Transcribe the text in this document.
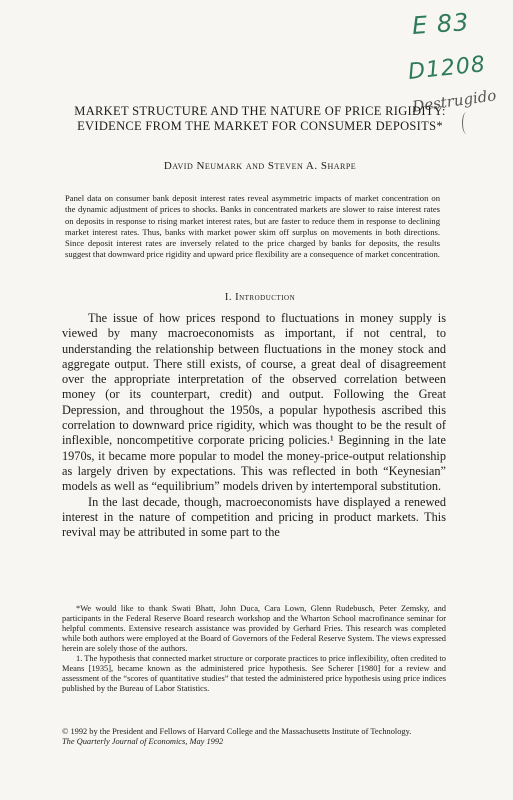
E 83
D1208
Destrugido
MARKET STRUCTURE AND THE NATURE OF PRICE RIGIDITY: EVIDENCE FROM THE MARKET FOR CONSUMER DEPOSITS*
David Neumark and Steven A. Sharpe
Panel data on consumer bank deposit interest rates reveal asymmetric impacts of market concentration on the dynamic adjustment of prices to shocks. Banks in concentrated markets are slower to raise interest rates on deposits in response to rising market interest rates, but are faster to reduce them in response to declining market interest rates. Thus, banks with market power skim off surplus on movements in both directions. Since deposit interest rates are inversely related to the price charged by banks for deposits, the results suggest that downward price rigidity and upward price flexibility are a consequence of market concentration.
I. Introduction

The issue of how prices respond to fluctuations in money supply is viewed by many macroeconomists as important, if not central, to understanding the relationship between fluctuations in the money stock and aggregate output. There still exists, of course, a great deal of disagreement over the appropriate interpretation of the observed correlation between money (or its counterpart, credit) and output. Following the Great Depression, and throughout the 1950s, a popular hypothesis ascribed this correlation to downward price rigidity, which was thought to be the result of inflexible, noncompetitive corporate pricing policies.¹ Beginning in the late 1970s, it became more popular to model the money-price-output relationship as largely driven by expectations. This was reflected in both “Keynesian” models as well as “equilibrium” models driven by intertemporal substitution.

In the last decade, though, macroeconomists have displayed a renewed interest in the nature of competition and pricing in product markets. This revival may be attributed in some part to the

*We would like to thank Swati Bhatt, John Duca, Cara Lown, Glenn Rudebusch, Peter Zemsky, and participants in the Federal Reserve Board research workshop and the Wharton School macrofinance seminar for helpful comments. Extensive research assistance was provided by Gerhard Fries. This research was completed while both authors were employed at the Board of Governors of the Federal Reserve System. The views expressed herein are solely those of the authors.

1. The hypothesis that connected market structure or corporate practices to price inflexibility, often credited to Means [1935], became known as the administered price hypothesis. See Scherer [1980] for a review and assessment of the “scores of quantitative studies” that tested the administered price hypothesis using price indices published by the Bureau of Labor Statistics.

© 1992 by the President and Fellows of Harvard College and the Massachusetts Institute of Technology.

The Quarterly Journal of Economics, May 1992
